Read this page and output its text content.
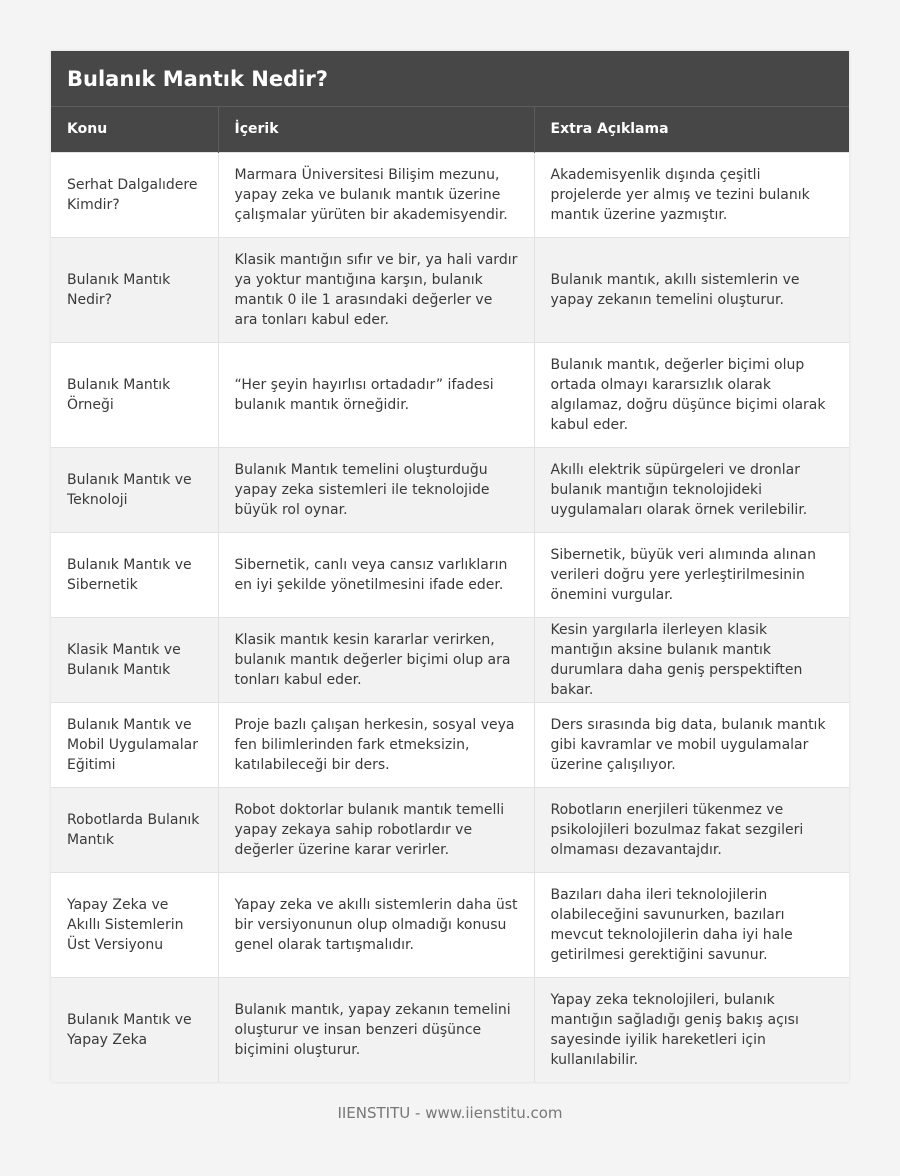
Bulanık Mantık Nedir?
Konu	İçerik	Extra Açıklama
Serhat Dalgalıdere Kimdir?	Marmara Üniversitesi Bilişim mezunu, yapay zeka ve bulanık mantık üzerine çalışmalar yürüten bir akademisyendir.	Akademisyenlik dışında çeşitli projelerde yer almış ve tezini bulanık mantık üzerine yazmıştır.
Bulanık Mantık Nedir?	Klasik mantığın sıfır ve bir, ya hali vardır ya yoktur mantığına karşın, bulanık mantık 0 ile 1 arasındaki değerler ve ara tonları kabul eder.	Bulanık mantık, akıllı sistemlerin ve yapay zekanın temelini oluşturur.
Bulanık Mantık Örneği	“Her şeyin hayırlısı ortadadır” ifadesi bulanık mantık örneğidir.	Bulanık mantık, değerler biçimi olup ortada olmayı kararsızlık olarak algılamaz, doğru düşünce biçimi olarak kabul eder.
Bulanık Mantık ve Teknoloji	Bulanık Mantık temelini oluşturduğu yapay zeka sistemleri ile teknolojide büyük rol oynar.	Akıllı elektrik süpürgeleri ve dronlar bulanık mantığın teknolojideki uygulamaları olarak örnek verilebilir.
Bulanık Mantık ve Sibernetik	Sibernetik, canlı veya cansız varlıkların en iyi şekilde yönetilmesini ifade eder.	Sibernetik, büyük veri alımında alınan verileri doğru yere yerleştirilmesinin önemini vurgular.
Klasik Mantık ve Bulanık Mantık	Klasik mantık kesin kararlar verirken, bulanık mantık değerler biçimi olup ara tonları kabul eder.	Kesin yargılarla ilerleyen klasik mantığın aksine bulanık mantık durumlara daha geniş perspektiften bakar.
Bulanık Mantık ve Mobil Uygulamalar Eğitimi	Proje bazlı çalışan herkesin, sosyal veya fen bilimlerinden fark etmeksizin, katılabileceği bir ders.	Ders sırasında big data, bulanık mantık gibi kavramlar ve mobil uygulamalar üzerine çalışılıyor.
Robotlarda Bulanık Mantık	Robot doktorlar bulanık mantık temelli yapay zekaya sahip robotlardır ve değerler üzerine karar verirler.	Robotların enerjileri tükenmez ve psikolojileri bozulmaz fakat sezgileri olmaması dezavantajdır.
Yapay Zeka ve Akıllı Sistemlerin Üst Versiyonu	Yapay zeka ve akıllı sistemlerin daha üst bir versiyonunun olup olmadığı konusu genel olarak tartışmalıdır.	Bazıları daha ileri teknolojilerin olabileceğini savunurken, bazıları mevcut teknolojilerin daha iyi hale getirilmesi gerektiğini savunur.
Bulanık Mantık ve Yapay Zeka	Bulanık mantık, yapay zekanın temelini oluşturur ve insan benzeri düşünce biçimini oluşturur.	Yapay zeka teknolojileri, bulanık mantığın sağladığı geniş bakış açısı sayesinde iyilik hareketleri için kullanılabilir.
IIENSTITU - www.iienstitu.com
